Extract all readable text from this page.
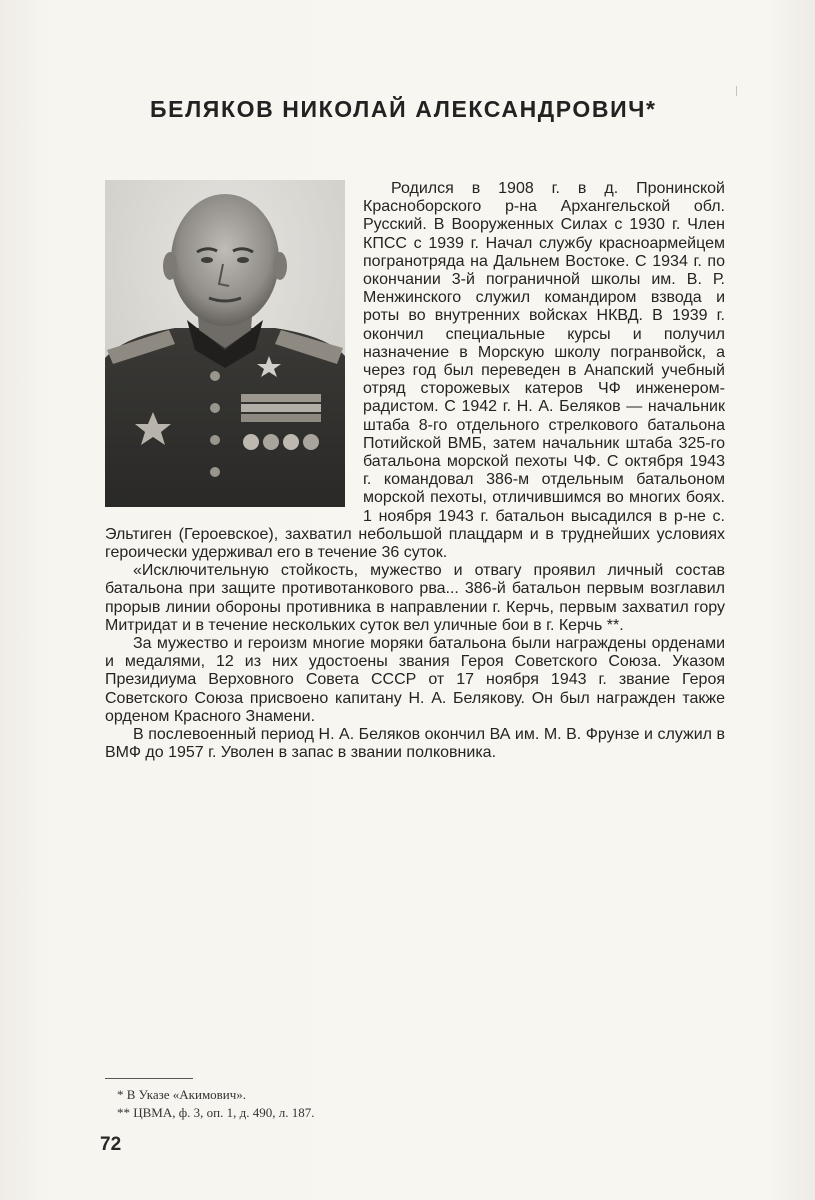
БЕЛЯКОВ НИКОЛАЙ АЛЕКСАНДРОВИЧ*

Родился в 1908 г. в д. Пронинской Красноборского р-на Архангельской обл. Русский. В Вооруженных Силах с 1930 г. Член КПСС с 1939 г. Начал службу красноармейцем погранотряда на Дальнем Востоке. С 1934 г. по окончании 3-й пограничной школы им. В. Р. Менжинского служил командиром взвода и роты во внутренних войсках НКВД. В 1939 г. окончил специальные курсы и получил назначение в Морскую школу погранвойск, а через год был переведен в Анапский учебный отряд сторожевых катеров ЧФ инженером-радистом. С 1942 г. Н. А. Беляков — начальник штаба 8-го отдельного стрелкового батальона Потийской ВМБ, затем начальник штаба 325-го батальона морской пехоты ЧФ. С октября 1943 г. командовал 386-м отдельным батальоном морской пехоты, отличившимся во многих боях. 1 ноября 1943 г. батальон высадился в р-не с. Эльтиген (Героевское), захватил небольшой плацдарм и в труднейших условиях героически удерживал его в течение 36 суток.

«Исключительную стойкость, мужество и отвагу проявил личный состав батальона при защите противотанкового рва... 386-й батальон первым возглавил прорыв линии обороны противника в направлении г. Керчь, первым захватил гору Митридат и в течение нескольких суток вел уличные бои в г. Керчь **.

За мужество и героизм многие моряки батальона были награждены орденами и медалями, 12 из них удостоены звания Героя Советского Союза. Указом Президиума Верховного Совета СССР от 17 ноября 1943 г. звание Героя Советского Союза присвоено капитану Н. А. Белякову. Он был награжден также орденом Красного Знамени.

В послевоенный период Н. А. Беляков окончил ВА им. М. В. Фрунзе и служил в ВМФ до 1957 г. Уволен в запас в звании полковника.

* В Указе «Акимович».
** ЦВМА, ф. 3, оп. 1, д. 490, л. 187.
72
